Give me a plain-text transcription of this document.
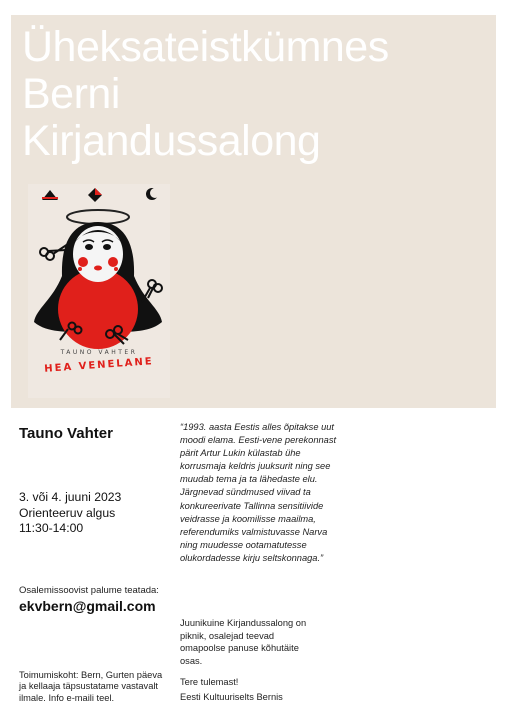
Üheksateistkümnes
Berni
Kirjandussalong
TAUNO VAHTER
HEA VENELANE
Tauno Vahter	“1993. aasta Eestis alles õpitakse uut moodi elama. Eesti-vene perekonnast pärit Artur Lukin külastab ühe korrusmaja keldris juuksurit ning see muudab tema ja ta lähedaste elu. Järgnevad sündmused viivad ta konkureerivate Tallinna sensitiivide veidrasse ja koomilisse maailma, referendumiks valmistuvasse Narva ning muudesse ootamatutesse olukordadesse kirju seltskonnaga.”
3. või 4. juuni 2023
Orienteeruv algus
11:30-14:00
Osalemissoovist palume teatada:
ekvbern@gmail.com
Juunikuine Kirjandussalong on piknik, osalejad teevad omapoolse panuse kõhutäite osas.
Toimumiskoht: Bern, Gurten päeva ja kellaaja täpsustatame vastavalt ilmale. Info e-maili teel.
Tere tulemast!
Eesti Kultuuriselts Bernis
